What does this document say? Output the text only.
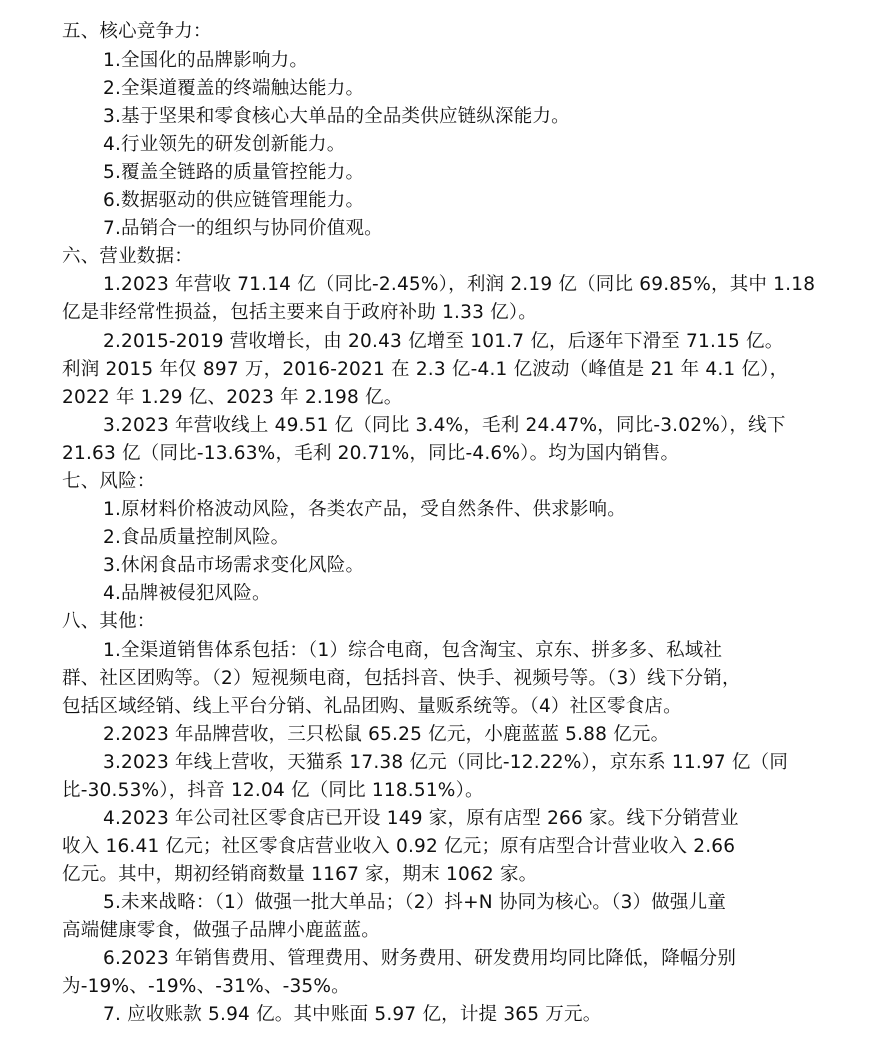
五、核心竞争力：
1.全国化的品牌影响力。
2.全渠道覆盖的终端触达能力。
3.基于坚果和零食核心大单品的全品类供应链纵深能力。
4.行业领先的研发创新能力。
5.覆盖全链路的质量管控能力。
6.数据驱动的供应链管理能力。
7.品销合一的组织与协同价值观。
六、营业数据：
1.2023 年营收 71.14 亿（同比-2.45%），利润 2.19 亿（同比 69.85%，其中 1.18
亿是非经常性损益，包括主要来自于政府补助 1.33 亿）。
2.2015-2019 营收增长，由 20.43 亿增至 101.7 亿，后逐年下滑至 71.15 亿。
利润 2015 年仅 897 万，2016-2021 在 2.3 亿-4.1 亿波动（峰值是 21 年 4.1 亿），
2022 年 1.29 亿、2023 年 2.198 亿。
3.2023 年营收线上 49.51 亿（同比 3.4%，毛利 24.47%，同比-3.02%），线下
21.63 亿（同比-13.63%，毛利 20.71%，同比-4.6%）。均为国内销售。
七、风险：
1.原材料价格波动风险，各类农产品，受自然条件、供求影响。
2.食品质量控制风险。
3.休闲食品市场需求变化风险。
4.品牌被侵犯风险。
八、其他：
1.全渠道销售体系包括：（1）综合电商，包含淘宝、京东、拼多多、私域社
群、社区团购等。（2）短视频电商，包括抖音、快手、视频号等。（3）线下分销，
包括区域经销、线上平台分销、礼品团购、量贩系统等。（4）社区零食店。
2.2023 年品牌营收，三只松鼠 65.25 亿元，小鹿蓝蓝 5.88 亿元。
3.2023 年线上营收，天猫系 17.38 亿元（同比-12.22%），京东系 11.97 亿（同
比-30.53%），抖音 12.04 亿（同比 118.51%）。
4.2023 年公司社区零食店已开设 149 家，原有店型 266 家。线下分销营业
收入 16.41 亿元；社区零食店营业收入 0.92 亿元；原有店型合计营业收入 2.66
亿元。其中，期初经销商数量 1167 家，期末 1062 家。
5.未来战略：（1）做强一批大单品；（2）抖+N 协同为核心。（3）做强儿童
高端健康零食，做强子品牌小鹿蓝蓝。
6.2023 年销售费用、管理费用、财务费用、研发费用均同比降低，降幅分别
为-19%、-19%、-31%、-35%。
7. 应收账款 5.94 亿。其中账面 5.97 亿，计提 365 万元。
